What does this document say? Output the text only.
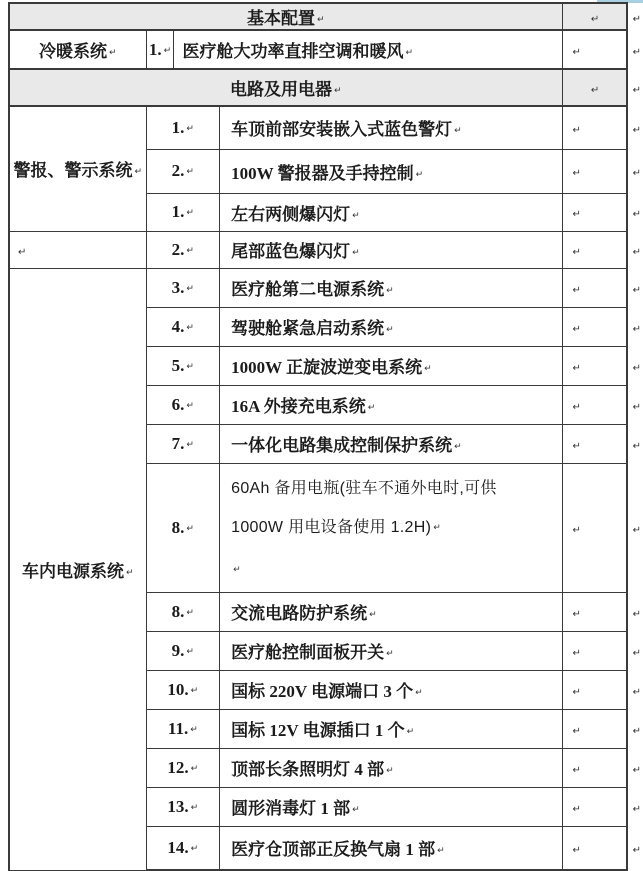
基本配置 ↵				↵	↵
冷暖系统 ↵	1. ↵	医疗舱大功率直排空调和暖风 ↵		↵	↵
电路及用电器 ↵				↵	↵
警报、警示系统 ↵	1. ↵		车顶前部安装嵌入式蓝色警灯 ↵	↵	↵
	2. ↵		100W 警报器及手持控制 ↵	↵	↵
	1. ↵		左右两侧爆闪灯 ↵	↵	↵
↵	2. ↵		尾部蓝色爆闪灯 ↵	↵	↵
车内电源系统 ↵	3. ↵		医疗舱第二电源系统 ↵	↵	↵
	4. ↵		驾驶舱紧急启动系统 ↵	↵	↵
	5. ↵		1000W 正旋波逆变电系统 ↵	↵	↵
	6. ↵		16A 外接充电系统 ↵	↵	↵
	7. ↵		一体化电路集成控制保护系统 ↵	↵	↵
	8. ↵		60Ah 备用电瓶(驻车不通外电时,可供
1000W 用电设备使用 1.2H) ↵
↵	↵	↵
	8. ↵		交流电路防护系统 ↵	↵	↵
	9. ↵		医疗舱控制面板开关 ↵	↵	↵
	10. ↵		国标 220V 电源端口 3 个 ↵	↵	↵
	11. ↵		国标 12V 电源插口 1 个 ↵	↵	↵
	12. ↵		顶部长条照明灯 4 部 ↵	↵	↵
	13. ↵		圆形消毒灯 1 部 ↵	↵	↵
	14. ↵		医疗仓顶部正反换气扇 1 部 ↵	↵	↵
